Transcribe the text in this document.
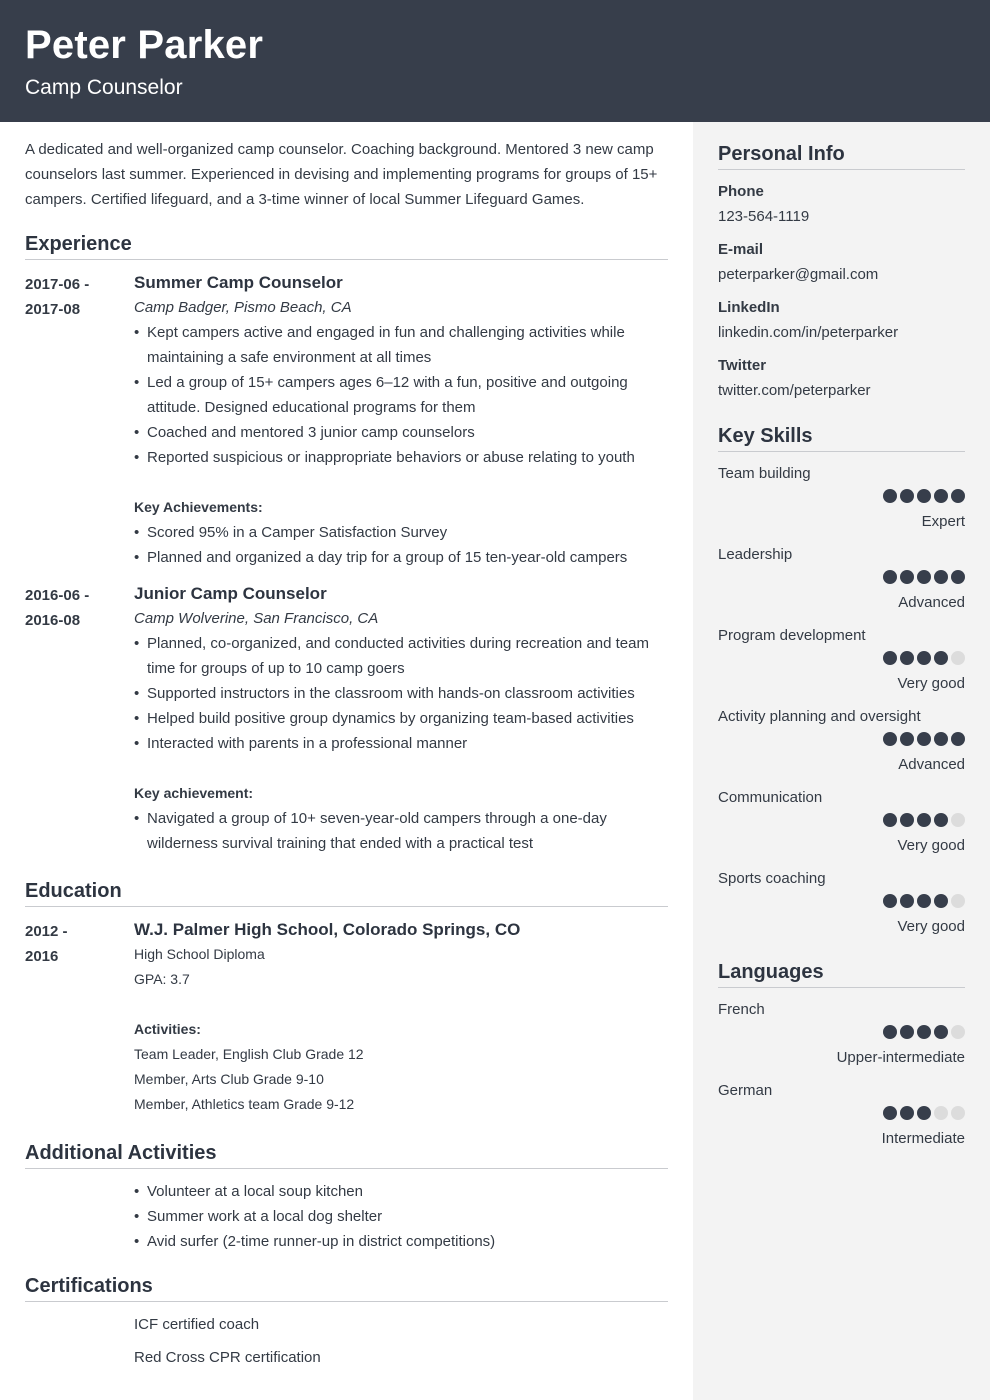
Peter Parker
Camp Counselor

A dedicated and well-organized camp counselor. Coaching background. Mentored 3 new camp counselors last summer. Experienced in devising and implementing programs for groups of 15+ campers. Certified lifeguard, and a 3-time winner of local Summer Lifeguard Games.

Experience
2017-06 -
2017-08
Summer Camp Counselor
Camp Badger, Pismo Beach, CA
• Kept campers active and engaged in fun and challenging activities while maintaining a safe environment at all times
• Led a group of 15+ campers ages 6–12 with a fun, positive and outgoing attitude. Designed educational programs for them
• Coached and mentored 3 junior camp counselors
• Reported suspicious or inappropriate behaviors or abuse relating to youth
Key Achievements:
• Scored 95% in a Camper Satisfaction Survey
• Planned and organized a day trip for a group of 15 ten-year-old campers
2016-06 -
2016-08
Junior Camp Counselor
Camp Wolverine, San Francisco, CA
• Planned, co-organized, and conducted activities during recreation and team time for groups of up to 10 camp goers
• Supported instructors in the classroom with hands-on classroom activities
• Helped build positive group dynamics by organizing team-based activities
• Interacted with parents in a professional manner
Key achievement:
• Navigated a group of 10+ seven-year-old campers through a one-day wilderness survival training that ended with a practical test
Education
2012 -
2016
W.J. Palmer High School, Colorado Springs, CO
High School Diploma
GPA: 3.7
Activities:
Team Leader, English Club Grade 12
Member, Arts Club Grade 9-10
Member, Athletics team Grade 9-12
Additional Activities
• Volunteer at a local soup kitchen
• Summer work at a local dog shelter
• Avid surfer (2-time runner-up in district competitions)
Certifications
ICF certified coach
Red Cross CPR certification
Personal Info
Phone
123-564-1119
E-mail
peterparker@gmail.com
LinkedIn
linkedin.com/in/peterparker
Twitter
twitter.com/peterparker
Key Skills
Team building
Expert
Leadership
Advanced
Program development
Very good
Activity planning and oversight
Advanced
Communication
Very good
Sports coaching
Very good
Languages
French
Upper-intermediate
German
Intermediate
